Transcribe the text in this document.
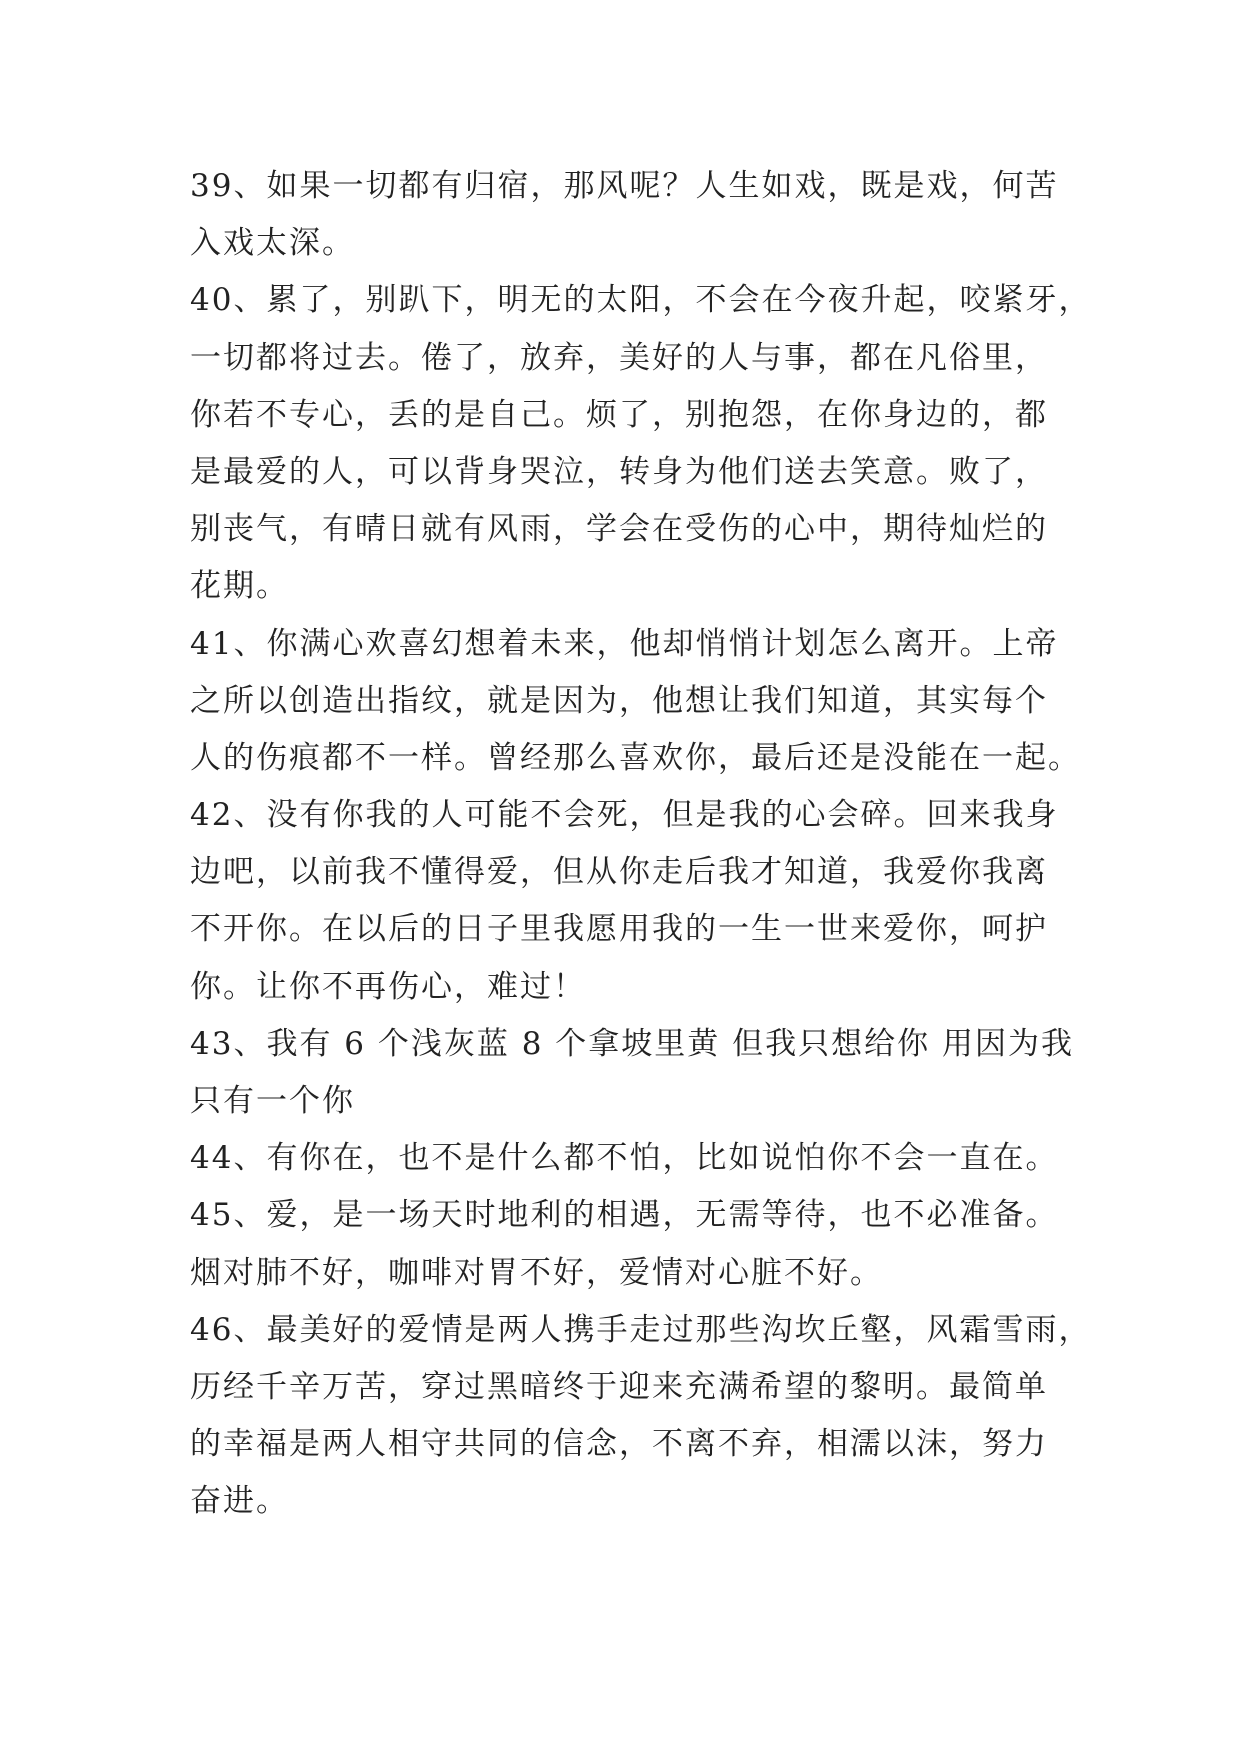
39、如果一切都有归宿，那风呢？人生如戏，既是戏，何苦
入戏太深。
40、累了，别趴下，明无的太阳，不会在今夜升起，咬紧牙，
一切都将过去。倦了，放弃，美好的人与事，都在凡俗里，
你若不专心，丢的是自己。烦了，别抱怨，在你身边的，都
是最爱的人，可以背身哭泣，转身为他们送去笑意。败了，
别丧气，有晴日就有风雨，学会在受伤的心中，期待灿烂的
花期。
41、你满心欢喜幻想着未来，他却悄悄计划怎么离开。上帝
之所以创造出指纹，就是因为，他想让我们知道，其实每个
人的伤痕都不一样。曾经那么喜欢你，最后还是没能在一起。
42、没有你我的人可能不会死，但是我的心会碎。回来我身
边吧，以前我不懂得爱，但从你走后我才知道，我爱你我离
不开你。在以后的日子里我愿用我的一生一世来爱你，呵护
你。让你不再伤心，难过！
43、我有 6 个浅灰蓝 8 个拿坡里黄 但我只想给你 用因为我
只有一个你
44、有你在，也不是什么都不怕，比如说怕你不会一直在。
45、爱，是一场天时地利的相遇，无需等待，也不必准备。
烟对肺不好，咖啡对胃不好，爱情对心脏不好。
46、最美好的爱情是两人携手走过那些沟坎丘壑，风霜雪雨，
历经千辛万苦，穿过黑暗终于迎来充满希望的黎明。最简单
的幸福是两人相守共同的信念，不离不弃，相濡以沫，努力
奋进。
